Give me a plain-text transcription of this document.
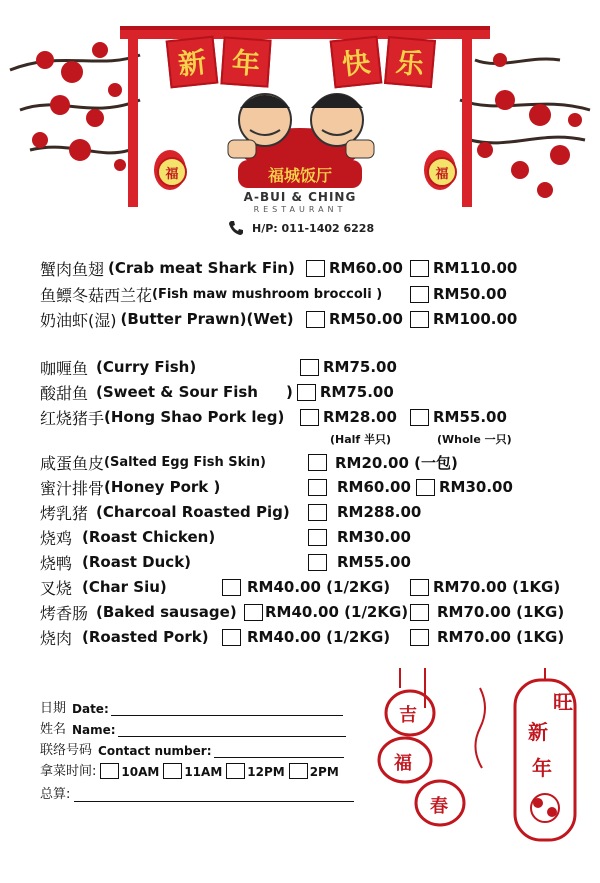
新 年	快 乐
福	福
福城饭厅
A-BUI & CHING
RESTAURANT
H/P: 011-1402 6228
蟹肉鱼翅 (Crab meat Shark Fin) RM60.00 RM110.00
鱼鳔冬菇西兰花 (Fish maw mushroom broccoli )	RM50.00
奶油虾(湿) (Butter Prawn)(Wet) RM50.00 RM100.00
咖喱鱼 (Curry Fish)	RM75.00
酸甜鱼 (Sweet & Sour Fish ) RM75.00
红烧猪手 (Hong Shao Pork leg)	RM28.00 RM55.00
(Half 半只)	(Whole 一只)
咸蛋鱼皮 (Salted Egg Fish Skin)	RM20.00 (一包)
蜜汁排骨 (Honey Pork )	RM60.00 RM30.00
烤乳猪 (Charcoal Roasted Pig)	RM288.00
烧鸡 (Roast Chicken)	RM30.00
烧鸭 (Roast Duck)	RM55.00
叉烧 (Char Siu)	RM40.00 (1/2KG)	RM70.00 (1KG)
烤香肠 (Baked sausage) RM40.00 (1/2KG) RM70.00 (1KG)
烧肉 (Roasted Pork)	RM40.00 (1/2KG)	RM70.00 (1KG)
日期 Date:
姓名 Name:
联络号码 Contact number:
拿菜时间: 10AM 11AM 12PM 2PM
总算:
吉
福
春
旺
新
年
